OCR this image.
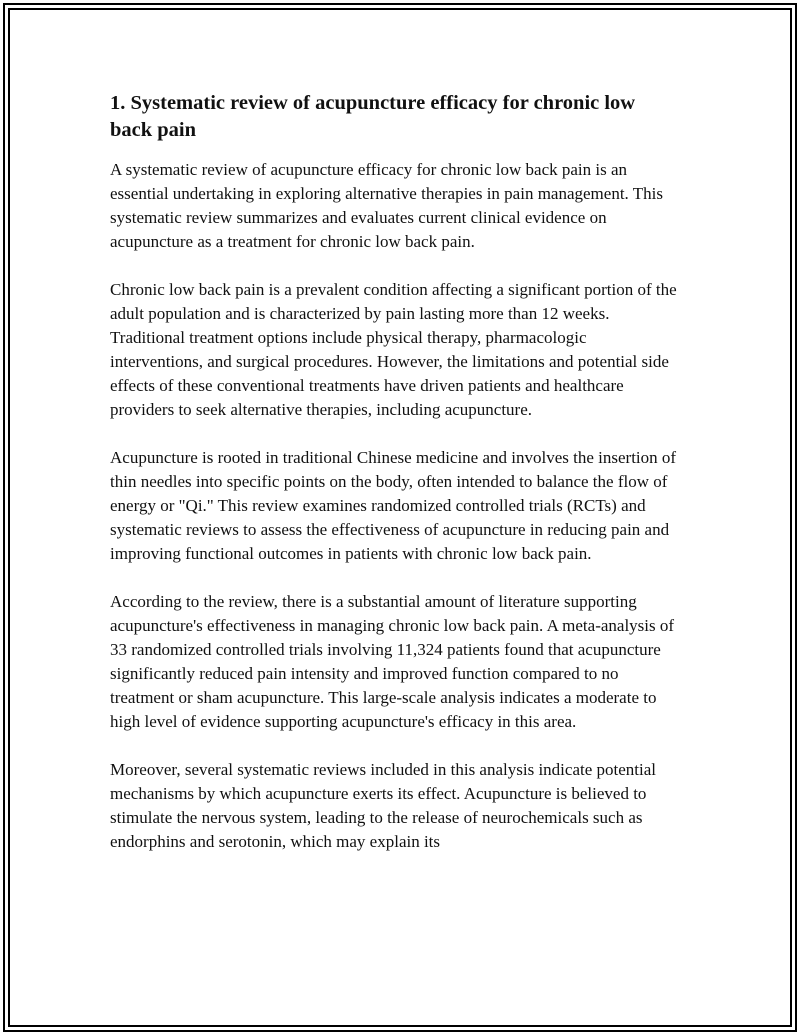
1. Systematic review of acupuncture efficacy for chronic low back pain

A systematic review of acupuncture efficacy for chronic low back pain is an essential undertaking in exploring alternative therapies in pain management. This systematic review summarizes and evaluates current clinical evidence on acupuncture as a treatment for chronic low back pain.

Chronic low back pain is a prevalent condition affecting a significant portion of the adult population and is characterized by pain lasting more than 12 weeks. Traditional treatment options include physical therapy, pharmacologic interventions, and surgical procedures. However, the limitations and potential side effects of these conventional treatments have driven patients and healthcare providers to seek alternative therapies, including acupuncture.

Acupuncture is rooted in traditional Chinese medicine and involves the insertion of thin needles into specific points on the body, often intended to balance the flow of energy or "Qi." This review examines randomized controlled trials (RCTs) and systematic reviews to assess the effectiveness of acupuncture in reducing pain and improving functional outcomes in patients with chronic low back pain.

According to the review, there is a substantial amount of literature supporting acupuncture's effectiveness in managing chronic low back pain. A meta-analysis of 33 randomized controlled trials involving 11,324 patients found that acupuncture significantly reduced pain intensity and improved function compared to no treatment or sham acupuncture. This large-scale analysis indicates a moderate to high level of evidence supporting acupuncture's efficacy in this area.

Moreover, several systematic reviews included in this analysis indicate potential mechanisms by which acupuncture exerts its effect. Acupuncture is believed to stimulate the nervous system, leading to the release of neurochemicals such as endorphins and serotonin, which may explain its
